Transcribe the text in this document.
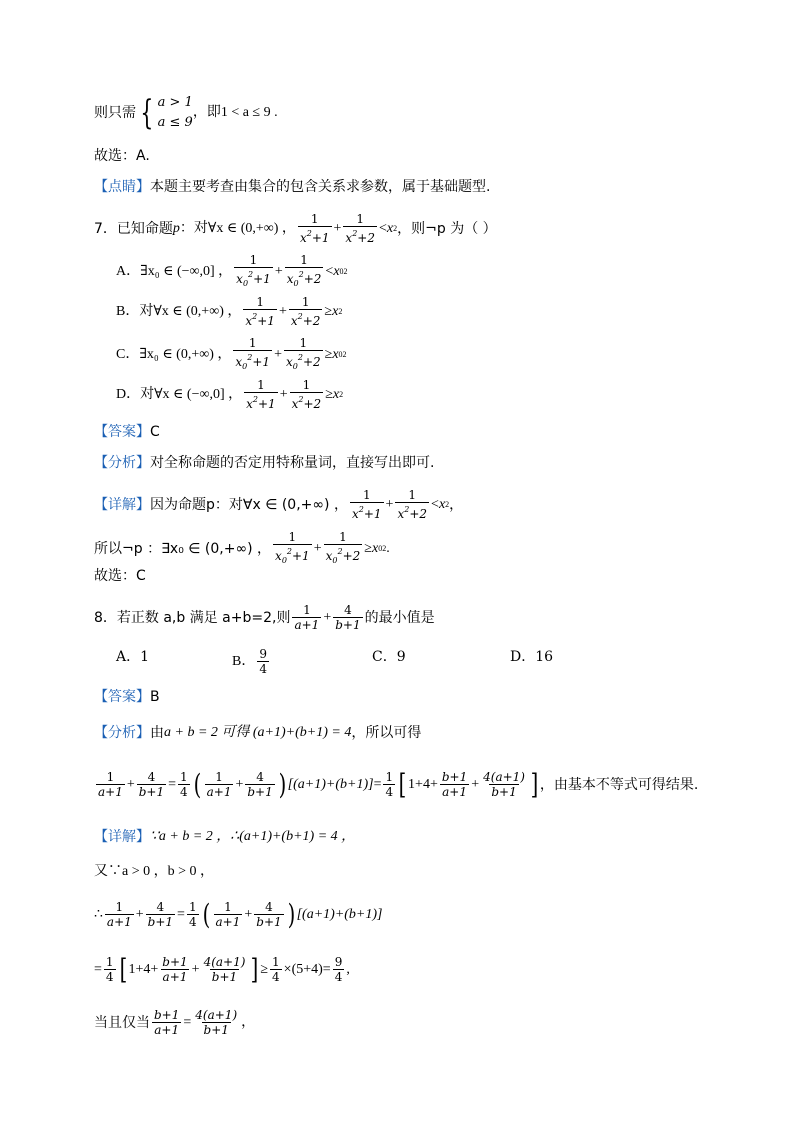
则只需 { a > 1
a ≤ 9
，即1 < a ≤ 9 .
故选：A.
【点睛】 本题主要考查由集合的包含关系求参数，属于基础题型.
7．已知命题 p ：对∀x ∈ (0,+∞) ， $\frac{1}{x^2+1} + \frac{1}{x^2+2} < x$ 2 ，则¬p 为（ ）
A．∃x₀ ∈ (−∞,0] ， $\frac{1}{x_0^2+1} + \frac{1}{x_0^2+2} < x$ 0 2
B．对∀x ∈ (0,+∞) ， $\frac{1}{x^2+1} + \frac{1}{x^2+2} \ge x$ 2
C．∃x₀ ∈ (0,+∞) ， $\frac{1}{x_0^2+1} + \frac{1}{x_0^2+2} \ge x$ 0 2
D．对∀x ∈ (−∞,0] ， $\frac{1}{x^2+1} + \frac{1}{x^2+2} \ge x$ 2
【答案】 C
【分析】 对全称命题的否定用特称量词，直接写出即可.
【详解】 因为命题p：对∀x ∈ (0,+∞) ， $\frac{1}{x^2+1} + \frac{1}{x^2+2} < x$ 2 ，
所以¬p ：∃x₀ ∈ (0,+∞) ， $\frac{1}{x_0^2+1} + \frac{1}{x_0^2+2} \ge x$ 0 2 .
故选：C
8．若正数 a,b 满足 a+b=2,则 $\frac{1}{a+1} + \frac{4}{b+1}$ 的最小值是
A．1	B． $\frac{9}{4}$	C．9	D．16
【答案】 B
【分析】 由 a + b = 2 可得 (a+1)+(b+1) = 4 ，所以可得
$\frac{1}{a+1} + \frac{4}{b+1} = \frac{1}{4}$ ( $\frac{1}{a+1} + \frac{4}{b+1}$ ) $[(a+1)+(b+1)] = \frac{1}{4}$ [ $1+4+ \frac{b+1}{a+1} + \frac{4(a+1)}{b+1}$ ] ，由基本不等式可得结果.
【详解】 ∵a + b = 2 ，∴(a+1)+(b+1) = 4 ，
又∵a > 0 ，b > 0 ，
∴ $\frac{1}{a+1} + \frac{4}{b+1} = \frac{1}{4}$ ( $\frac{1}{a+1} + \frac{4}{b+1}$ ) [(a+1)+(b+1)]
= $\frac{1}{4}$ [ $1+4+ \frac{b+1}{a+1} + \frac{4(a+1)}{b+1}$ ] ≥ $\frac{1}{4} \times(5+4)= \frac{9}{4}$ ,
当且仅当 $\frac{b+1}{a+1} = \frac{4(a+1)}{b+1}$ ，
